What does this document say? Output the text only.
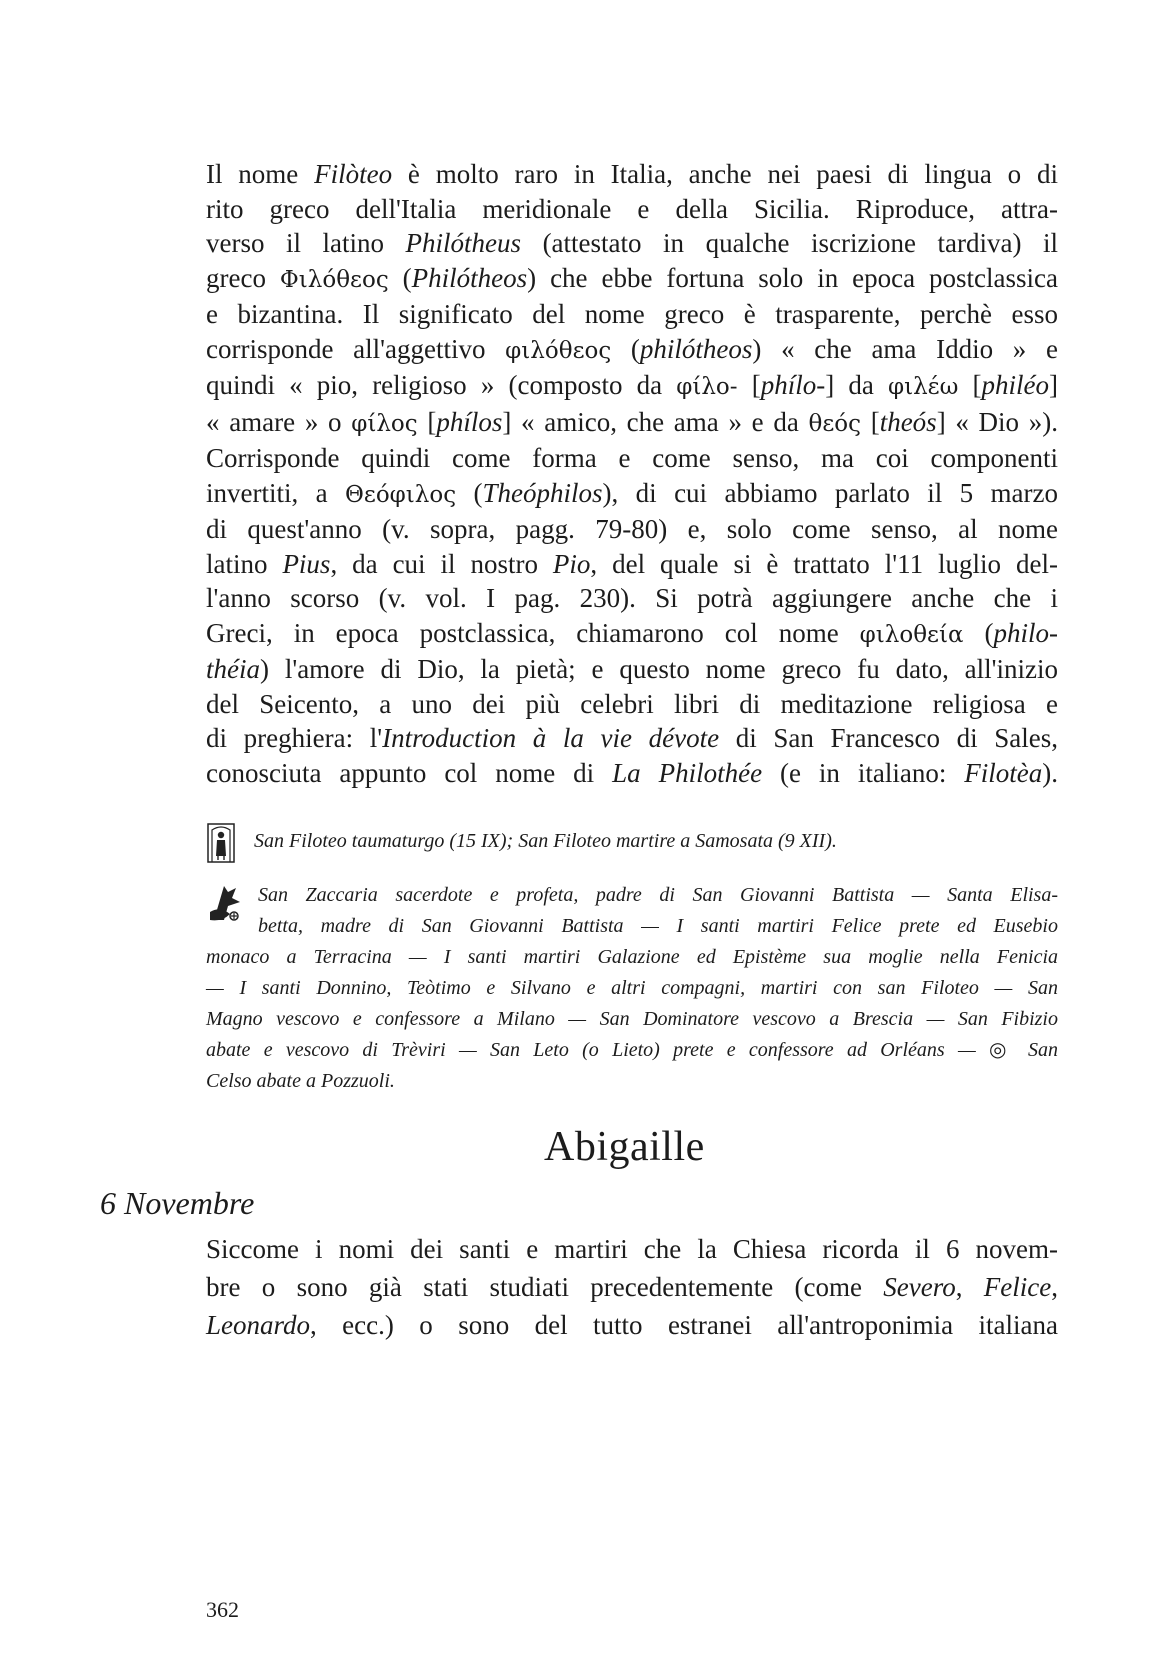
Il nome Filòteo è molto raro in Italia, anche nei paesi di lingua o di
rito greco dell'Italia meridionale e della Sicilia. Riproduce, attra-
verso il latino Philótheus (attestato in qualche iscrizione tardiva) il
greco Φιλόθεος (Philótheos) che ebbe fortuna solo in epoca postclassica
e bizantina. Il significato del nome greco è trasparente, perchè esso
corrisponde all'aggettivo φιλόθεος (philótheos) « che ama Iddio » e
quindi « pio, religioso » (composto da φίλο- [phílo-] da φιλέω [philéo]
« amare » o φίλος [phílos] « amico, che ama » e da θεός [theós] « Dio »).
Corrisponde quindi come forma e come senso, ma coi componenti
invertiti, a Θεόφιλος (Theóphilos), di cui abbiamo parlato il 5 marzo
di quest'anno (v. sopra, pagg. 79-80) e, solo come senso, al nome
latino Pius, da cui il nostro Pio, del quale si è trattato l'11 luglio del-
l'anno scorso (v. vol. I pag. 230). Si potrà aggiungere anche che i
Greci, in epoca postclassica, chiamarono col nome φιλοθεία (philo-
théia) l'amore di Dio, la pietà; e questo nome greco fu dato, all'inizio
del Seicento, a uno dei più celebri libri di meditazione religiosa e
di preghiera: l'Introduction à la vie dévote di San Francesco di Sales,
conosciuta appunto col nome di La Philothée (e in italiano: Filotèa).

San Filoteo taumaturgo (15 IX); San Filoteo martire a Samosata (9 XII).

San Zaccaria sacerdote e profeta, padre di San Giovanni Battista — Santa Elisa-
betta, madre di San Giovanni Battista — I santi martiri Felice prete ed Eusebio
monaco a Terracina — I santi martiri Galazione ed Epistème sua moglie nella Fenicia
— I santi Donnino, Teòtimo e Silvano e altri compagni, martiri con san Filoteo — San
Magno vescovo e confessore a Milano — San Dominatore vescovo a Brescia — San Fibizio
abate e vescovo di Trèviri — San Leto (o Lieto) prete e confessore ad Orléans — ◎ San
Celso abate a Pozzuoli.

Abigaille
6 Novembre

Siccome i nomi dei santi e martiri che la Chiesa ricorda il 6 novem-
bre o sono già stati studiati precedentemente (come Severo, Felice,
Leonardo, ecc.) o sono del tutto estranei all'antroponimia italiana

362
